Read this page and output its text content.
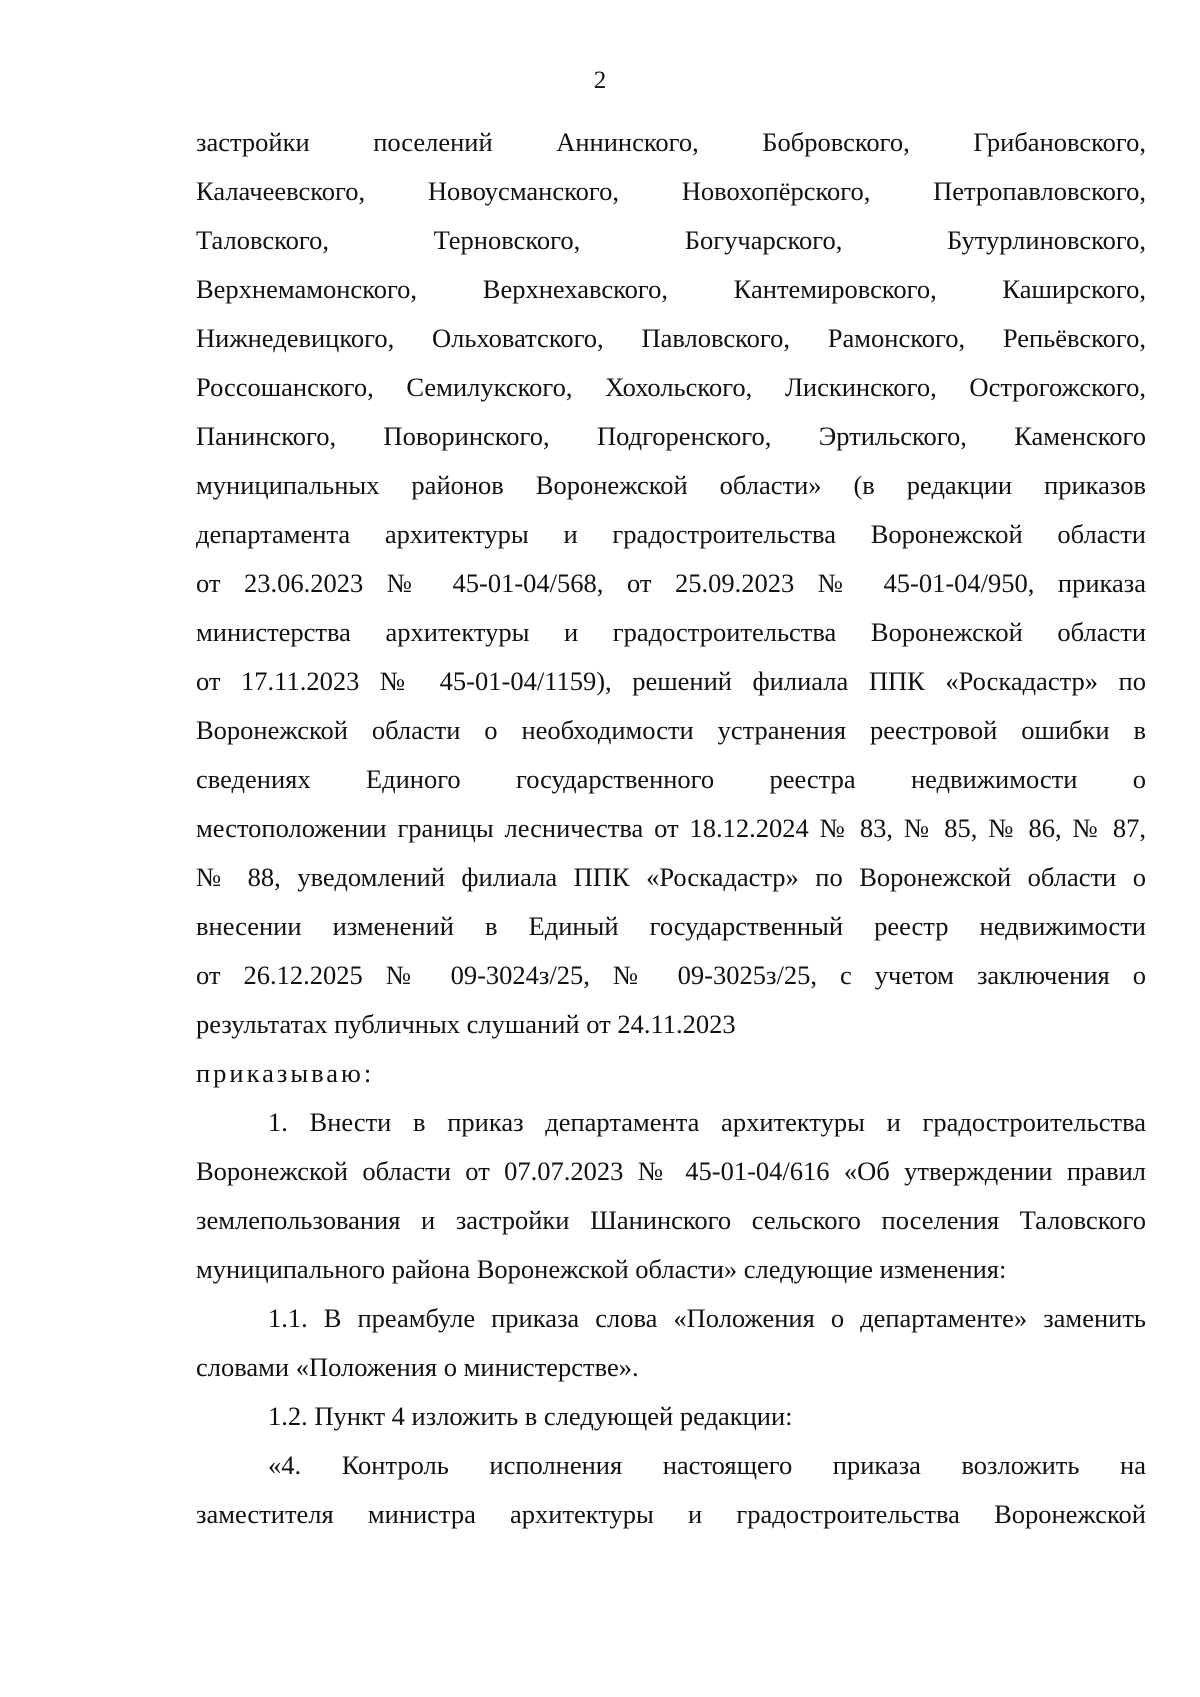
2
застройки поселений Аннинского, Бобровского, Грибановского,
Калачеевского, Новоусманского, Новохопёрского, Петропавловского,
Таловского, Терновского, Богучарского, Бутурлиновского,
Верхнемамонского, Верхнехавского, Кантемировского, Каширского,
Нижнедевицкого, Ольховатского, Павловского, Рамонского, Репьёвского,
Россошанского, Семилукского, Хохольского, Лискинского, Острогожского,
Панинского, Поворинского, Подгоренского, Эртильского, Каменского
муниципальных районов Воронежской области» (в редакции приказов
департамента архитектуры и градостроительства Воронежской области
от 23.06.2023 № 45-01-04/568, от 25.09.2023 № 45-01-04/950, приказа
министерства архитектуры и градостроительства Воронежской области
от 17.11.2023 № 45-01-04/1159), решений филиала ППК «Роскадастр» по
Воронежской области о необходимости устранения реестровой ошибки в
сведениях Единого государственного реестра недвижимости о
местоположении границы лесничества от 18.12.2024 № 83, № 85, № 86, № 87,
№ 88, уведомлений филиала ППК «Роскадастр» по Воронежской области о
внесении изменений в Единый государственный реестр недвижимости
от 26.12.2025 № 09-3024з/25, № 09-3025з/25, с учетом заключения о
результатах публичных слушаний от 24.11.2023
приказываю:
1. Внести в приказ департамента архитектуры и градостроительства
Воронежской области от 07.07.2023 № 45-01-04/616 «Об утверждении правил
землепользования и застройки Шанинского сельского поселения Таловского
муниципального района Воронежской области» следующие изменения:
1.1. В преамбуле приказа слова «Положения о департаменте» заменить
словами «Положения о министерстве».
1.2. Пункт 4 изложить в следующей редакции:
«4. Контроль исполнения настоящего приказа возложить на
заместителя министра архитектуры и градостроительства Воронежской
